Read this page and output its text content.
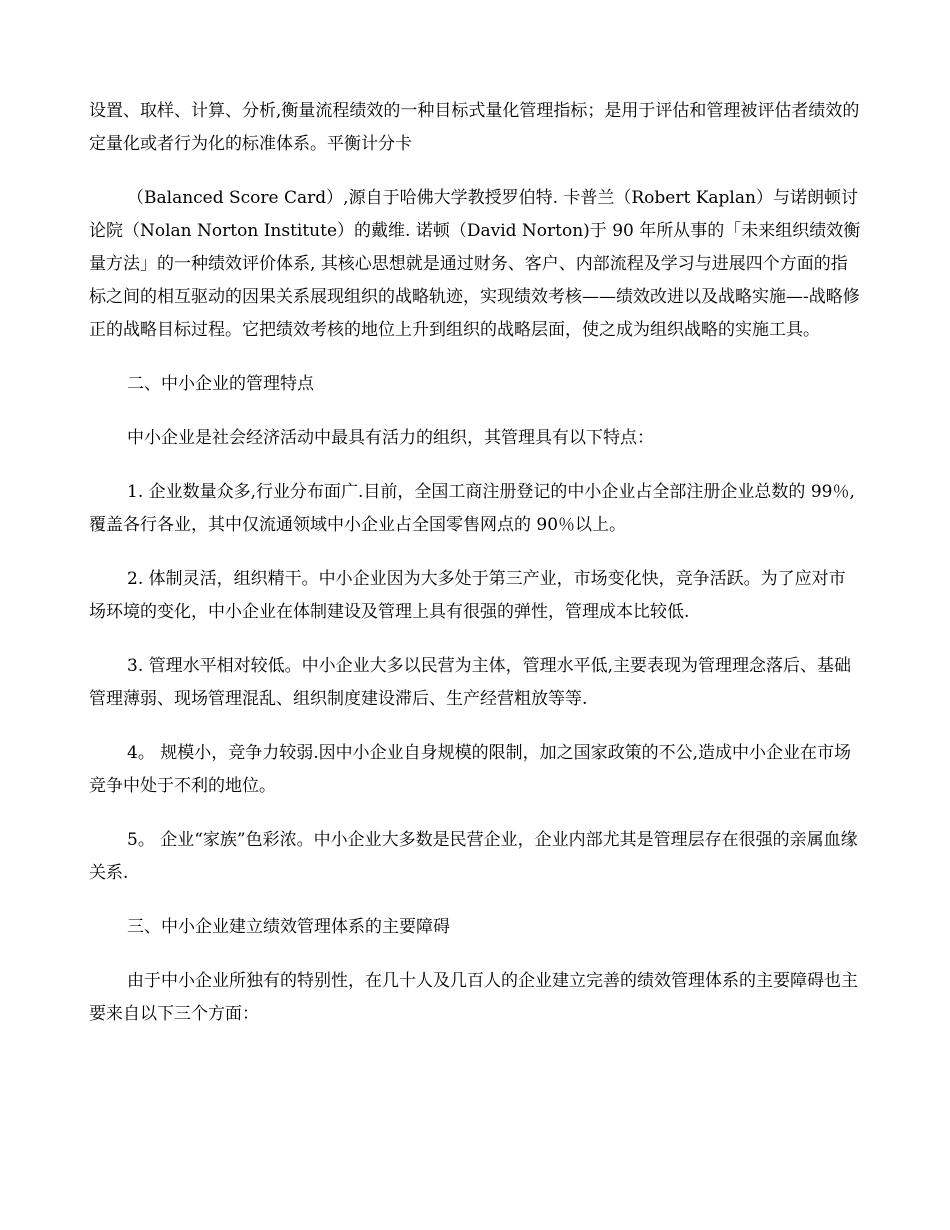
设置、取样、计算、分析,衡量流程绩效的一种目标式量化管理指标；是用于评估和管理被评估者绩效的定量化或者行为化的标准体系。平衡计分卡

（Balanced Score Card）,源自于哈佛大学教授罗伯特. 卡普兰（Robert Kaplan）与诺朗顿讨论院（Nolan Norton Institute）的戴维. 诺顿（David Norton)于 90 年所从事的「未来组织绩效衡量方法」的一种绩效评价体系, 其核心思想就是通过财务、客户、内部流程及学习与进展四个方面的指标之间的相互驱动的因果关系展现组织的战略轨迹，实现绩效考核——绩效改进以及战略实施—-战略修正的战略目标过程。它把绩效考核的地位上升到组织的战略层面，使之成为组织战略的实施工具。

二、中小企业的管理特点

中小企业是社会经济活动中最具有活力的组织，其管理具有以下特点：

1. 企业数量众多,行业分布面广.目前，全国工商注册登记的中小企业占全部注册企业总数的 99％,覆盖各行各业，其中仅流通领域中小企业占全国零售网点的 90％以上。

2. 体制灵活，组织精干。中小企业因为大多处于第三产业，市场变化快，竞争活跃。为了应对市场环境的变化，中小企业在体制建设及管理上具有很强的弹性，管理成本比较低.

3. 管理水平相对较低。中小企业大多以民营为主体，管理水平低,主要表现为管理理念落后、基础管理薄弱、现场管理混乱、组织制度建设滞后、生产经营粗放等等.

4。 规模小，竞争力较弱.因中小企业自身规模的限制，加之国家政策的不公,造成中小企业在市场竞争中处于不利的地位。

5。 企业“家族”色彩浓。中小企业大多数是民营企业，企业内部尤其是管理层存在很强的亲属血缘关系.

三、中小企业建立绩效管理体系的主要障碍

由于中小企业所独有的特别性，在几十人及几百人的企业建立完善的绩效管理体系的主要障碍也主要来自以下三个方面：
